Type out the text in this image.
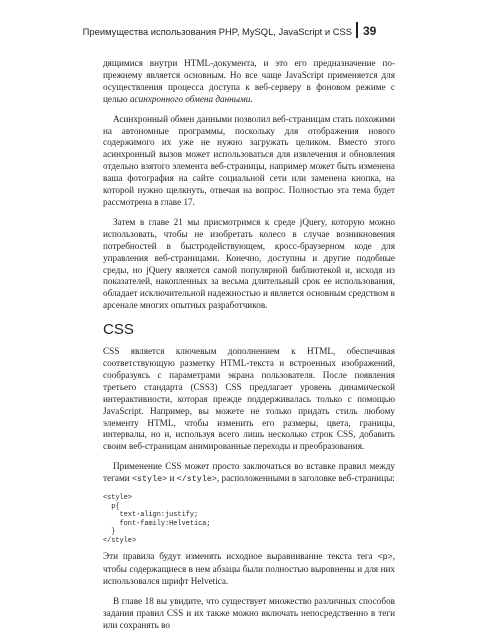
Преимущества использования PHP, MySQL, JavaScript и CSS 39

дящимися внутри HTML-документа, и это его предназначение по-прежнему является основным. Но все чаще JavaScript применяется для осуществления процесса доступа к веб-серверу в фоновом режиме с целью асинхронного обмена данными.

Асинхронный обмен данными позволил веб-страницам стать похожими на автономные программы, поскольку для отображения нового содержимого их уже не нужно загружать целиком. Вместо этого асинхронный вызов может использоваться для извлечения и обновления отдельно взятого элемента веб-страницы, например может быть изменена ваша фотография на сайте социальной сети или заменена кнопка, на которой нужно щелкнуть, отвечая на вопрос. Полностью эта тема будет рассмотрена в главе 17.

Затем в главе 21 мы присмотримся к среде jQuery, которую можно использовать, чтобы не изобретать колесо в случае возникновения потребностей в быстродействующем, кросс-браузерном коде для управления веб-страницами. Конечно, доступны и другие подобные среды, но jQuery является самой популярной библиотекой и, исходя из показателей, накопленных за весьма длительный срок ее использования, обладает исключительной надежностью и является основным средством в арсенале многих опытных разработчиков.

CSS

CSS является ключевым дополнением к HTML, обеспечивая соответствующую разметку HTML-текста и встроенных изображений, сообразуясь с параметрами экрана пользователя. После появления третьего стандарта (CSS3) CSS предлагает уровень динамической интерактивности, которая прежде поддерживалась только с помощью JavaScript. Например, вы можете не только придать стиль любому элементу HTML, чтобы изменить его размеры, цвета, границы, интервалы, но и, используя всего лишь несколько строк CSS, добавить своим веб-страницам анимированные переходы и преобразования.

Применение CSS может просто заключаться во вставке правил между тегами <style> и </style>, расположенными в заголовке веб-страницы:

<style>
p{
text-align:justify;
font-family:Helvetica;
}
</style>

Эти правила будут изменять исходное выравнивание текста тега <p>, чтобы содержащиеся в нем абзацы были полностью выровнены и для них использовался шрифт Helvetica.

В главе 18 вы увидите, что существует множество различных способов задания правил CSS и их также можно включать непосредственно в теги или сохранять во
